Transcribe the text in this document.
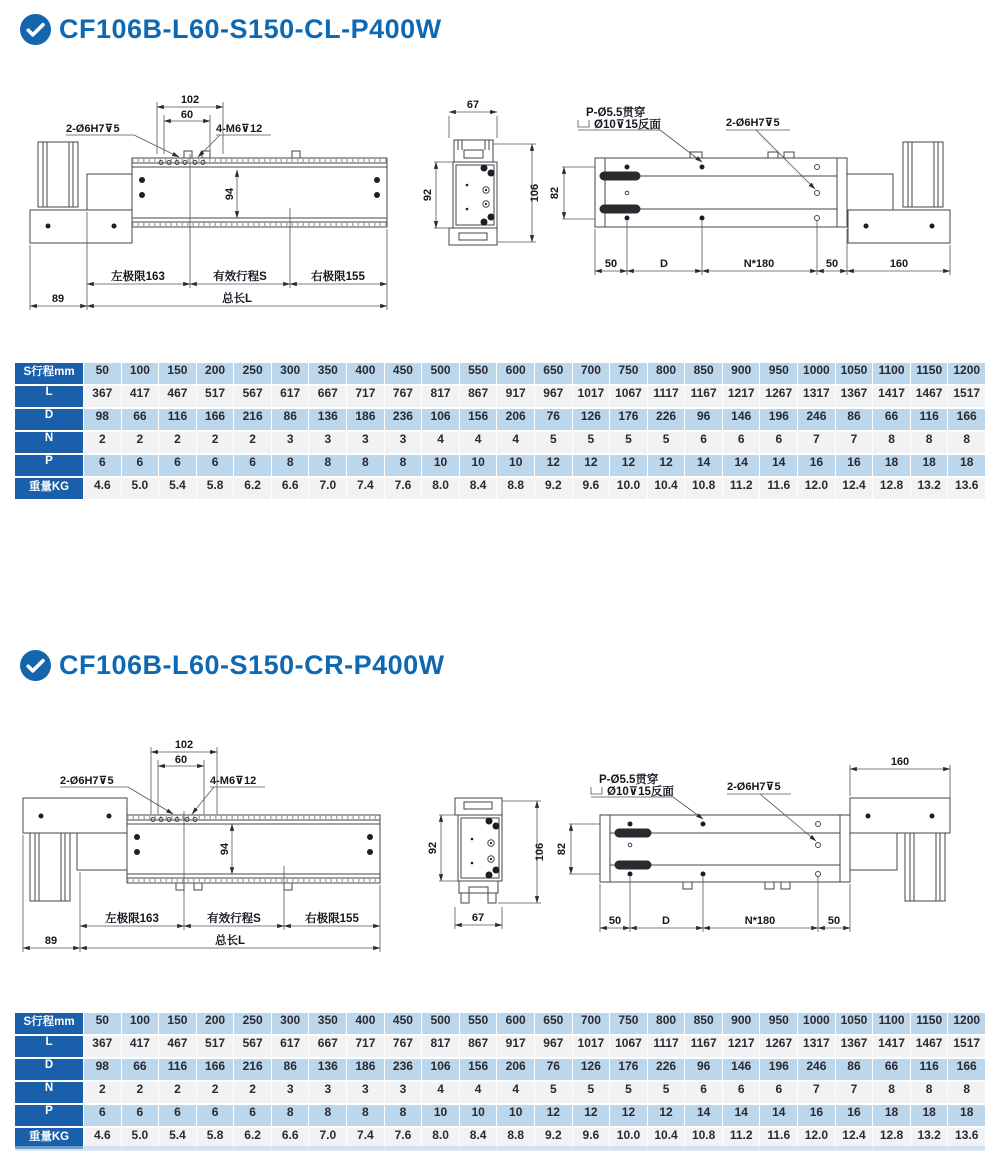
CF106B-L60-S150-CL-P400W
102
60
2-Ø6H7⊽5	4-M6⊽12
94
左极限163	有效行程S	右极限155
89	总长L
67
92	106
P-Ø5.5贯穿
Ø10⊽15反面	2-Ø6H7⊽5
82
50	D	N*180	50	160
S行程mm	50	100	150	200	250	300	350	400	450	500	550	600	650	700	750	800	850	900	950	1000 1050 1100 1150 1200
L	367	417	467	517	567	617	667	717	767	817	867	917	967	1017 1067 1117 1167 1217 1267 1317 1367 1417 1467 1517
D	98	66	116	166	216	86	136	186	236	106	156	206	76	126	176	226	96	146	196	246	86	66	116	166
N	2	2	2	2	2	3	3	3	3	4	4	4	5	5	5	5	6	6	6	7	7	8	8	8
P	6	6	6	6	6	8	8	8	8	10	10	10	12	12	12	12	14	14	14	16	16	18	18	18
重量KG	4.6	5.0	5.4	5.8	6.2	6.6	7.0	7.4	7.6	8.0	8.4	8.8	9.2	9.6	10.0	10.4	10.8	11.2	11.6	12.0	12.4	12.8	13.2	13.6
CF106B-L60-S150-CR-P400W
102
60
2-Ø6H7⊽5	4-M6⊽12
94
左极限163	有效行程S	右极限155
89	总长L
92	106
67
160
P-Ø5.5贯穿
Ø10⊽15反面	2-Ø6H7⊽5
82
50	D	N*180	50
S行程mm	50	100	150	200	250	300	350	400	450	500	550	600	650	700	750	800	850	900	950	1000 1050 1100 1150 1200
L	367	417	467	517	567	617	667	717	767	817	867	917	967	1017 1067 1117 1167 1217 1267 1317 1367 1417 1467 1517
D	98	66	116	166	216	86	136	186	236	106	156	206	76	126	176	226	96	146	196	246	86	66	116	166
N	2	2	2	2	2	3	3	3	3	4	4	4	5	5	5	5	6	6	6	7	7	8	8	8
P	6	6	6	6	6	8	8	8	8	10	10	10	12	12	12	12	14	14	14	16	16	18	18	18
重量KG	4.6	5.0	5.4	5.8	6.2	6.6	7.0	7.4	7.6	8.0	8.4	8.8	9.2	9.6	10.0	10.4	10.8	11.2	11.6	12.0	12.4	12.8	13.2	13.6
